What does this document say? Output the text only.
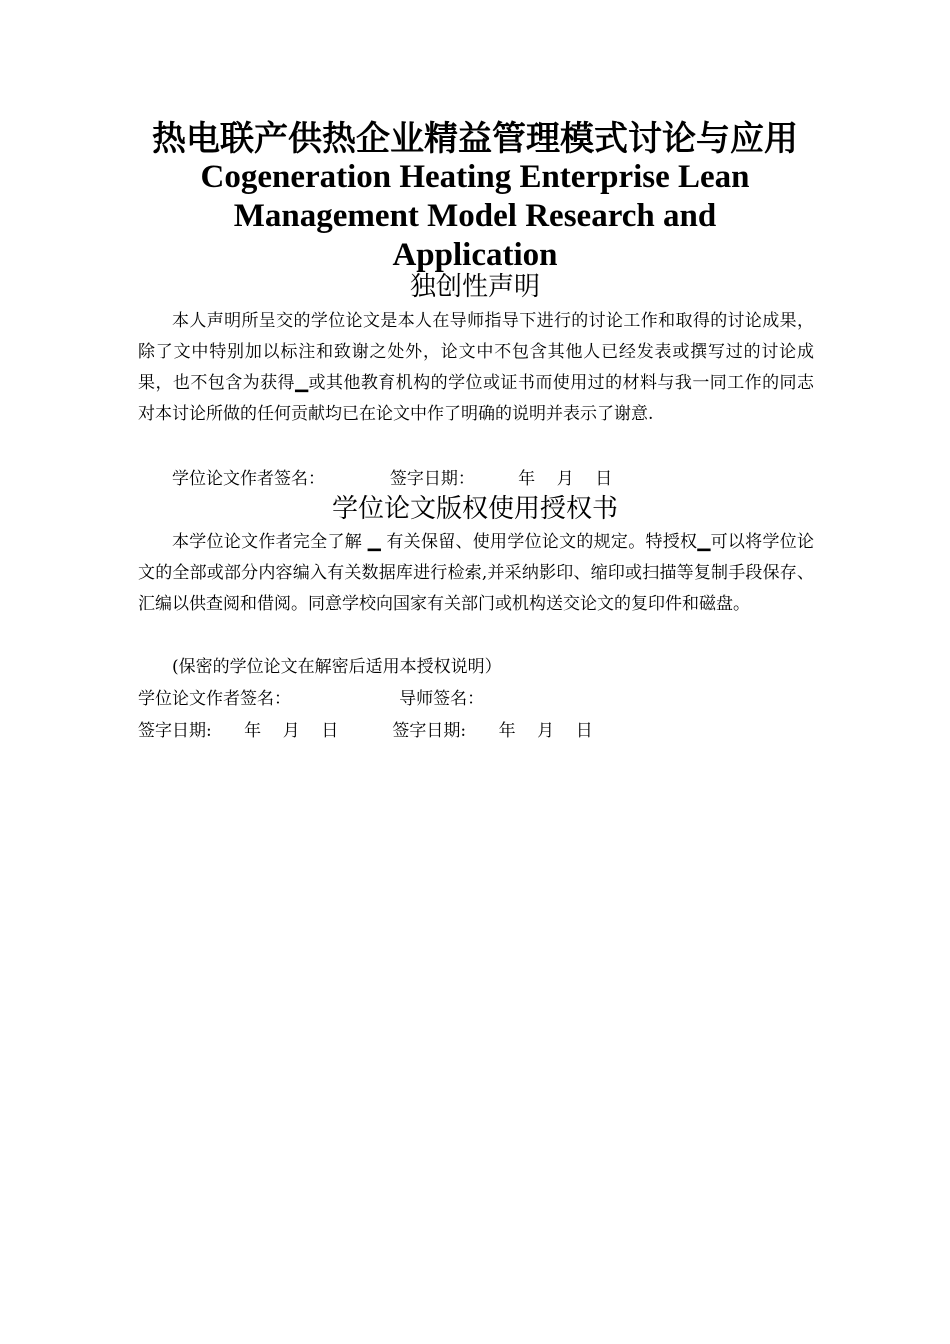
热电联产供热企业精益管理模式讨论与应用
Cogeneration Heating Enterprise Lean Management Model Research and Application
独创性声明

本人声明所呈交的学位论文是本人在导师指导下进行的讨论工作和取得的讨论成果，除了文中特别加以标注和致谢之处外，论文中不包含其他人已经发表或撰写过的讨论成果，也不包含为获得▁或其他教育机构的学位或证书而使用过的材料与我一同工作的同志对本讨论所做的任何贡献均已在论文中作了明确的说明并表示了谢意.

学位论文作者签名：            签字日期：        年    月    日

学位论文版权使用授权书

本学位论文作者完全了解 ▁ 有关保留、使用学位论文的规定。特授权▁可以将学位论文的全部或部分内容编入有关数据库进行检索,并采纳影印、缩印或扫描等复制手段保存、汇编以供查阅和借阅。同意学校向国家有关部门或机构送交论文的复印件和磁盘。

(保密的学位论文在解密后适用本授权说明）

学位论文作者签名：                    导师签名：

签字日期:      年    月    日          签字日期:      年    月    日
